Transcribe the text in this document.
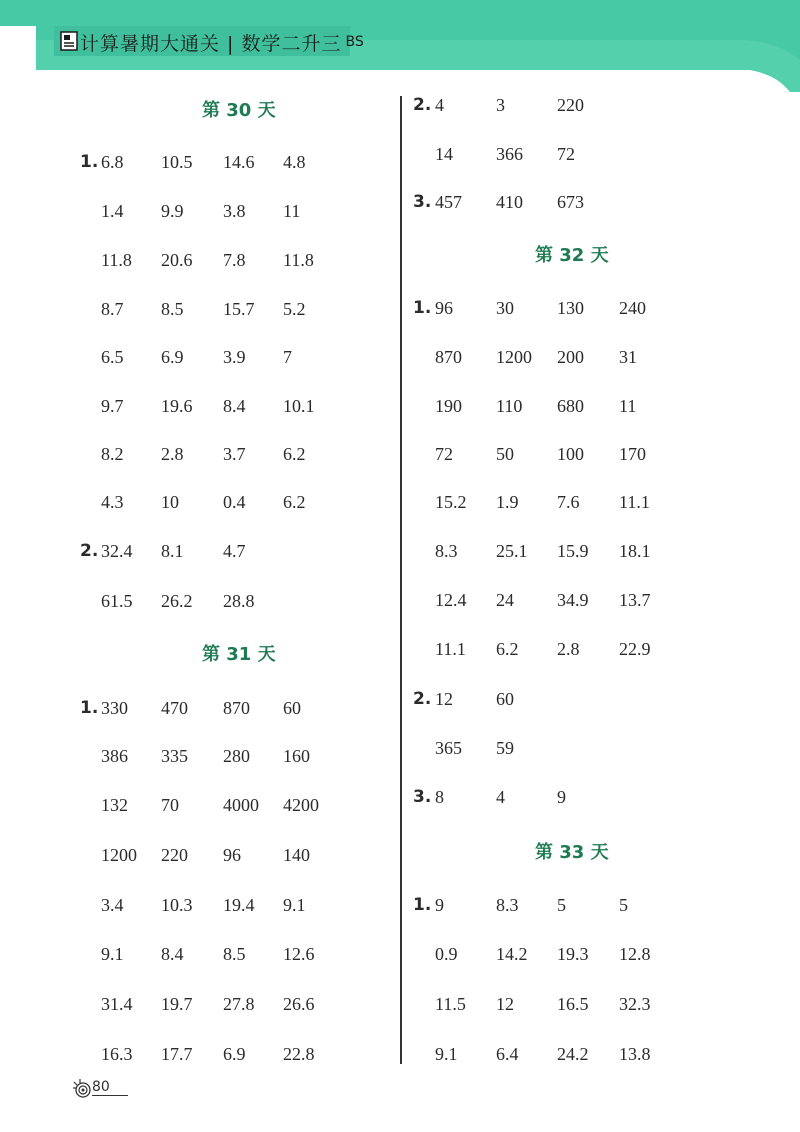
计算暑期大通关 | 数学二升三 BS
第 30 天
1. 6.8 10.5 14.6 4.8
1.4 9.9 3.8 11
11.8 20.6 7.8 11.8
8.7 8.5 15.7 5.2
6.5 6.9 3.9 7
9.7 19.6 8.4 10.1
8.2 2.8 3.7 6.2
4.3 10 0.4 6.2
2. 32.4 8.1 4.7
61.5 26.2 28.8
第 31 天
1. 330 470 870 60
386 335 280 160
132 70 4000 4200
1200 220 96 140
3.4 10.3 19.4 9.1
9.1 8.4 8.5 12.6
31.4 19.7 27.8 26.6
16.3 17.7 6.9 22.8
2. 4	3	220
14 366 72
3. 457 410 673
第 32 天
1. 96 30 130 240
870 1200 200 31
190 110 680 11
72 50 100 170
15.2 1.9 7.6 11.1
8.3 25.1 15.9 18.1
12.4 24 34.9 13.7
11.1 6.2 2.8 22.9
2. 12 60
365 59
3. 8	4	9
第 33 天
1. 9	8.3 5	5
0.9 14.2 19.3 12.8
11.5 12 16.5 32.3
9.1 6.4 24.2 13.8
80
